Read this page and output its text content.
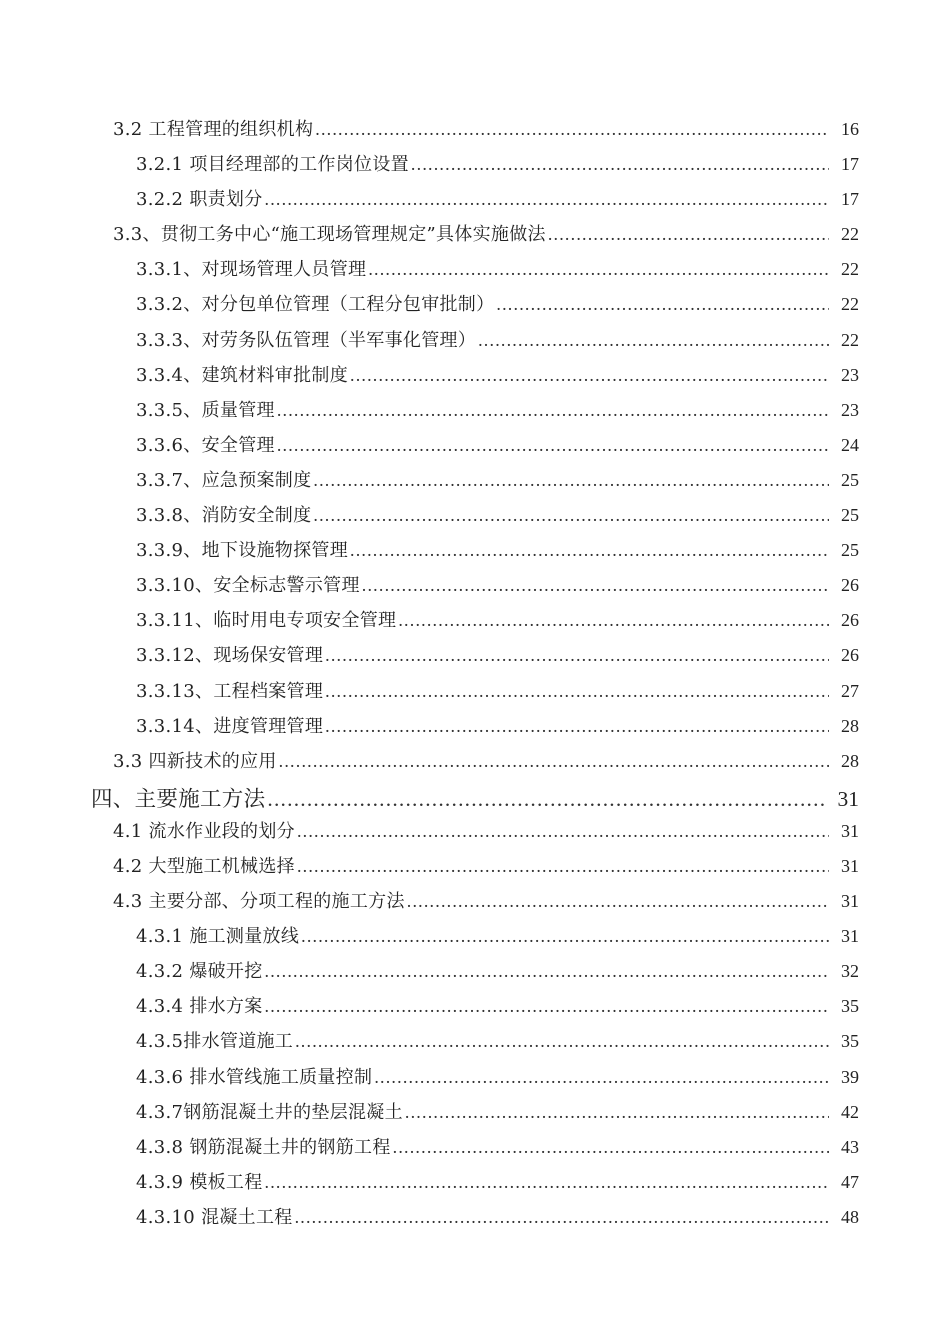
3.2 工程管理的组织机构 .....	16
3.2.1 项目经理部的工作岗位设置 .....	17
3.2.2 职责划分 .....	17
3.3、贯彻工务中心“施工现场管理规定”具体实施做法 .....	22
3.3.1、对现场管理人员管理 .....	22
3.3.2、对分包单位管理（工程分包审批制） .....	22
3.3.3、对劳务队伍管理（半军事化管理） .....	22
3.3.4、建筑材料审批制度 .....	23
3.3.5、质量管理 .....	23
3.3.6、安全管理 .....	24
3.3.7、应急预案制度 .....	25
3.3.8、消防安全制度 .....	25
3.3.9、地下设施物探管理 .....	25
3.3.10、安全标志警示管理 .....	26
3.3.11、临时用电专项安全管理 .....	26
3.3.12、现场保安管理 .....	26
3.3.13、工程档案管理 .....	27
3.3.14、进度管理管理 .....	28
3.3 四新技术的应用 .....	28
四、主要施工方法 .....	31
4.1 流水作业段的划分 .....	31
4.2 大型施工机械选择 .....	31
4.3 主要分部、分项工程的施工方法 .....	31
4.3.1 施工测量放线 .....	31
4.3.2 爆破开挖 .....	32
4.3.4 排水方案 .....	35
4.3.5排水管道施工 .....	35
4.3.6 排水管线施工质量控制 .....	39
4.3.7钢筋混凝土井的垫层混凝土 .....	42
4.3.8 钢筋混凝土井的钢筋工程 .....	43
4.3.9 模板工程 .....	47
4.3.10 混凝土工程 .....	48
